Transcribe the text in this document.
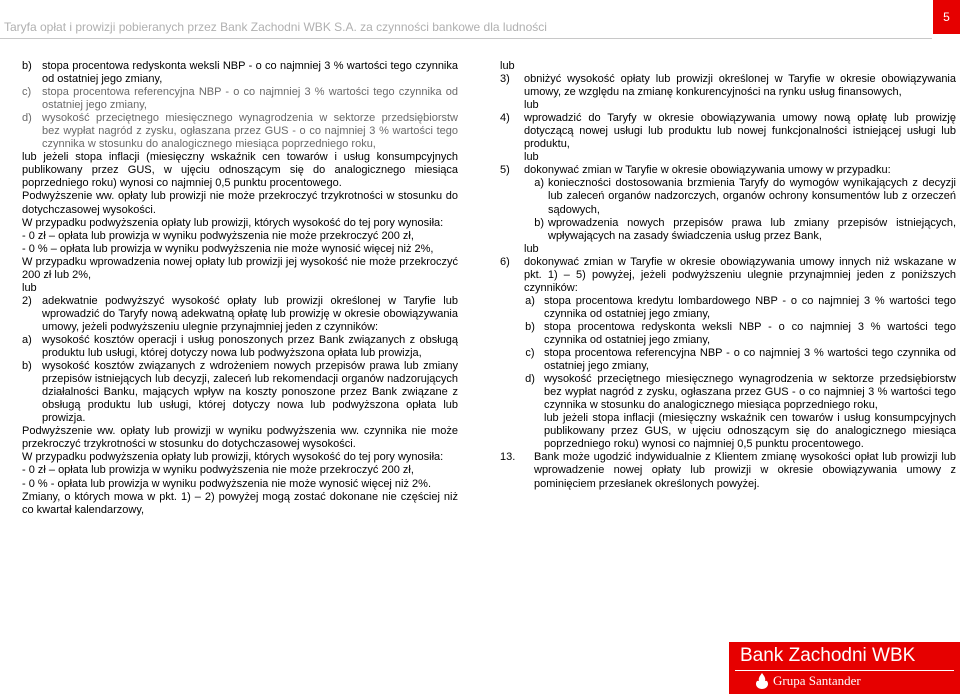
Taryfa opłat i prowizji pobieranych przez Bank Zachodni WBK S.A. za czynności bankowe dla ludności
5
b) stopa procentowa redyskonta weksli NBP - o co najmniej 3 % wartości tego czynnika od ostatniej jego zmiany,
c) stopa procentowa referencyjna NBP - o co najmniej 3 % wartości tego czynnika od ostatniej jego zmiany,
d) wysokość przeciętnego miesięcznego wynagrodzenia w sektorze przedsiębiorstw bez wypłat nagród z zysku, ogłaszana przez GUS - o co najmniej 3 % wartości tego czynnika w stosunku do analogicznego miesiąca poprzedniego roku,

lub jeżeli stopa inflacji (miesięczny wskaźnik cen towarów i usług konsumpcyjnych publikowany przez GUS, w ujęciu odnoszącym się do analogicznego miesiąca poprzedniego roku) wynosi co najmniej 0,5 punktu procentowego.

Podwyższenie ww. opłaty lub prowizji nie może przekroczyć trzykrotności w stosunku do dotychczasowej wysokości.

W przypadku podwyższenia opłaty lub prowizji, których wysokość do tej pory wynosiła:

- 0 zł – opłata lub prowizja w wyniku podwyższenia nie może przekroczyć 200 zł,

- 0 % – opłata lub prowizja w wyniku podwyższenia nie może wynosić więcej niż 2%,

W przypadku wprowadzenia nowej opłaty lub prowizji jej wysokość nie może przekroczyć 200 zł lub 2%,

lub

2) adekwatnie podwyższyć wysokość opłaty lub prowizji określonej w Taryfie lub wprowadzić do Taryfy nową adekwatną opłatę lub prowizję w okresie obowiązywania umowy, jeżeli podwyższeniu ulegnie przynajmniej jeden z czynników:
a) wysokość kosztów operacji i usług ponoszonych przez Bank związanych z obsługą produktu lub usługi, której dotyczy nowa lub podwyższona opłata lub prowizja,
b) wysokość kosztów związanych z wdrożeniem nowych przepisów prawa lub zmiany przepisów istniejących lub decyzji, zaleceń lub rekomendacji organów nadzorujących działalności Banku, mających wpływ na koszty ponoszone przez Bank związane z obsługą produktu lub usługi, której dotyczy nowa lub podwyższona opłata lub prowizja.

Podwyższenie ww. opłaty lub prowizji w wyniku podwyższenia ww. czynnika nie może przekroczyć trzykrotności w stosunku do dotychczasowej wysokości.

W przypadku podwyższenia opłaty lub prowizji, których wysokość do tej pory wynosiła:

- 0 zł – opłata lub prowizja w wyniku podwyższenia nie może przekroczyć 200 zł,

- 0 % - opłata lub prowizja w wyniku podwyższenia nie może wynosić więcej niż 2%.

Zmiany, o których mowa w pkt. 1) – 2) powyżej mogą zostać dokonane nie częściej niż co kwartał kalendarzowy,

lub

3)	obniżyć wysokość opłaty lub prowizji określonej w Taryfie w okresie obowiązywania umowy, ze względu na zmianę konkurencyjności na rynku usług finansowych,

lub

4)	wprowadzić do Taryfy w okresie obowiązywania umowy nową opłatę lub prowizję dotyczącą nowej usługi lub produktu lub nowej funkcjonalności istniejącej usługi lub produktu,

lub

5)	dokonywać zmian w Taryfie w okresie obowiązywania umowy w przypadku:
a) konieczności dostosowania brzmienia Taryfy do wymogów wynikających z decyzji lub zaleceń organów nadzorczych, organów ochrony konsumentów lub z orzeczeń sądowych,
b) wprowadzenia nowych przepisów prawa lub zmiany przepisów istniejących, wpływających na zasady świadczenia usług przez Bank,

lub

6)	dokonywać zmian w Taryfie w okresie obowiązywania umowy innych niż wskazane w pkt. 1) – 5) powyżej, jeżeli podwyższeniu ulegnie przynajmniej jeden z poniższych czynników:
a) stopa procentowa kredytu lombardowego NBP - o co najmniej 3 % wartości tego czynnika od ostatniej jego zmiany,
b) stopa procentowa redyskonta weksli NBP - o co najmniej 3 % wartości tego czynnika od ostatniej jego zmiany,
c) stopa procentowa referencyjna NBP - o co najmniej 3 % wartości tego czynnika od ostatniej jego zmiany,
d) wysokość przeciętnego miesięcznego wynagrodzenia w sektorze przedsiębiorstw bez wypłat nagród z zysku, ogłaszana przez GUS - o co najmniej 3 % wartości tego czynnika w stosunku do analogicznego miesiąca poprzedniego roku,

lub jeżeli stopa inflacji (miesięczny wskaźnik cen towarów i usług konsumpcyjnych publikowany przez GUS, w ujęciu odnoszącym się do analogicznego miesiąca poprzedniego roku) wynosi co najmniej 0,5 punktu procentowego.

13.	Bank może ugodzić indywidualnie z Klientem zmianę wysokości opłat lub prowizji lub wprowadzenie nowej opłaty lub prowizji w okresie obowiązywania umowy z pominięciem przesłanek określonych powyżej.
Bank Zachodni WBK
Grupa Santander
